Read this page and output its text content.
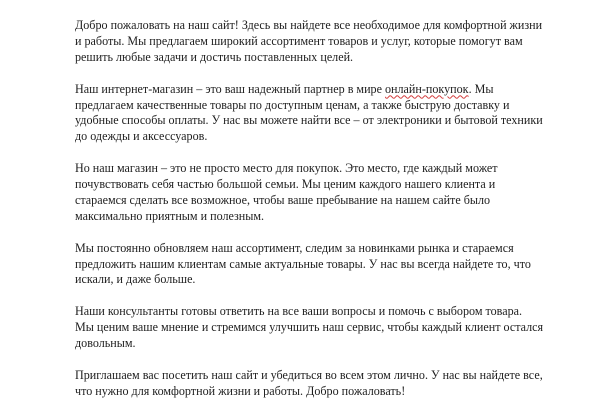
Добро пожаловать на наш сайт! Здесь вы найдете все необходимое для комфортной жизни
и работы. Мы предлагаем широкий ассортимент товаров и услуг, которые помогут вам
решить любые задачи и достичь поставленных целей.

Наш интернет-магазин – это ваш надежный партнер в мире онлайн-покупок. Мы
предлагаем качественные товары по доступным ценам, а также быструю доставку и
удобные способы оплаты. У нас вы можете найти все – от электроники и бытовой техники
до одежды и аксессуаров.

Но наш магазин – это не просто место для покупок. Это место, где каждый может
почувствовать себя частью большой семьи. Мы ценим каждого нашего клиента и
стараемся сделать все возможное, чтобы ваше пребывание на нашем сайте было
максимально приятным и полезным.

Мы постоянно обновляем наш ассортимент, следим за новинками рынка и стараемся
предложить нашим клиентам самые актуальные товары. У нас вы всегда найдете то, что
искали, и даже больше.

Наши консультанты готовы ответить на все ваши вопросы и помочь с выбором товара.
Мы ценим ваше мнение и стремимся улучшить наш сервис, чтобы каждый клиент остался
довольным.

Приглашаем вас посетить наш сайт и убедиться во всем этом лично. У нас вы найдете все,
что нужно для комфортной жизни и работы. Добро пожаловать!
